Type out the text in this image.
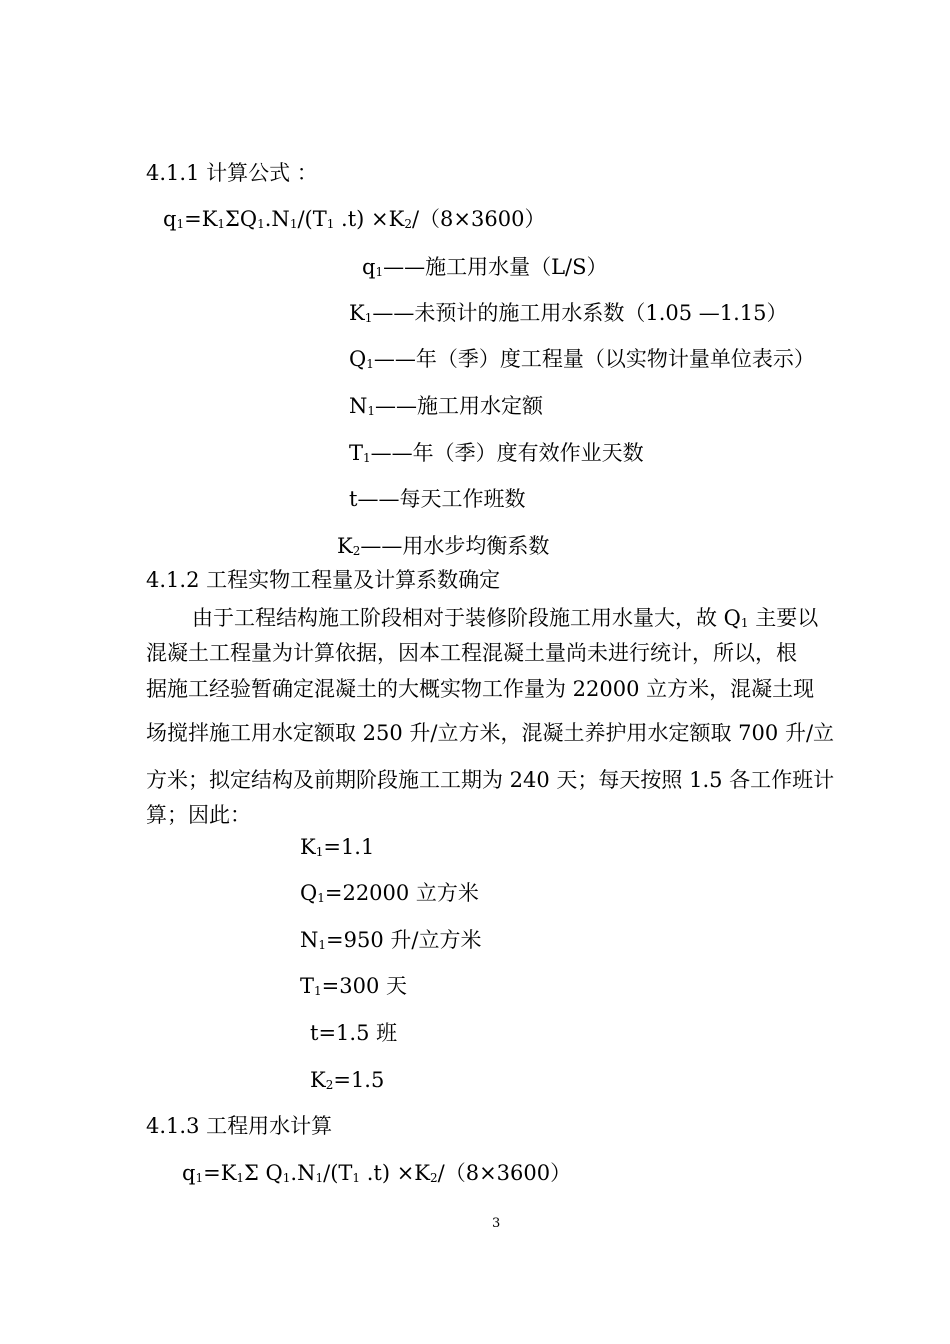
4.1.1 计算公式 ：
$q_1=K_1\Sigma Q_1.N_1/(T_1$ $.t) \times K_2/(8\times 3600)$
$q_1——$施工用水量（L/S）
$K_1——$未预计的施工用水系数（1.05 —1.15）
$Q_1——$年（季）度工程量（以实物计量单位表示）
$N_1——$施工用水定额
$T_1——$年（季）度有效作业天数
t——每天工作班数
$K_2——$用水步均衡系数
4.1.2 工程实物工程量及计算系数确定
由于工程结构施工阶段相对于装修阶段施工用水量大，故 $Q_1$ 主要以
混凝土工程量为计算依据，因本工程混凝土量尚未进行统计，所以，根
据施工经验暂确定混凝土的大概实物工作量为 22000 立方米，混凝土现
场搅拌施工用水定额取 250 升/立方米，混凝土养护用水定额取 700 升/立
方米；拟定结构及前期阶段施工工期为 240 天；每天按照 1.5 各工作班计
算；因此：
$K_1=1.1$
$Q_1=22000$ 立方米
$N_1=950$ 升/立方米
$T_1=300$ 天
t=1.5 班
$K_2=1.5$
4.1.3 工程用水计算
$q_1=K_1\Sigma$ $Q_1.N_1/(T_1$ $.t) \times K_2/(8\times 3600)$
3
